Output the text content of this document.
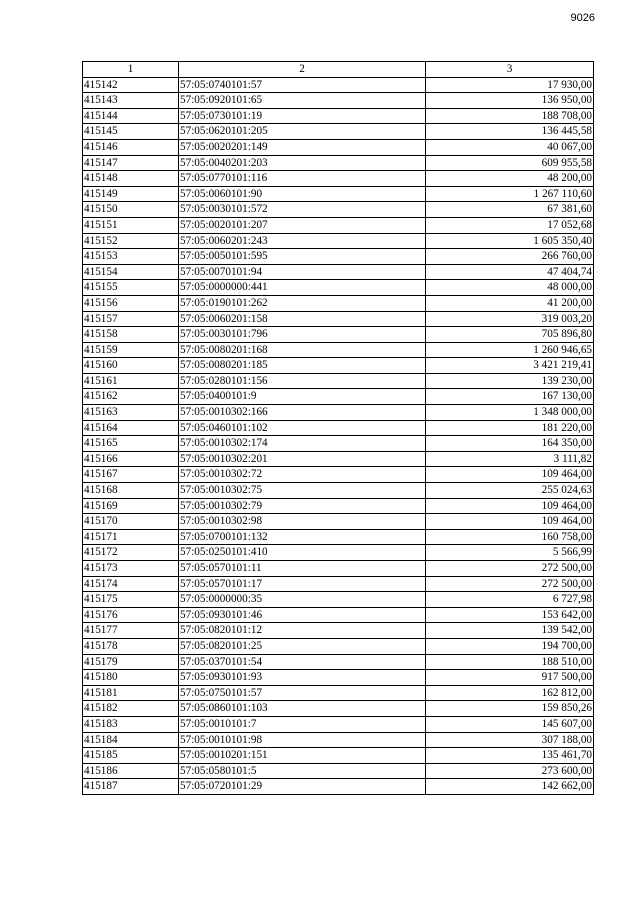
9026
1	2	3
415142	57:05:0740101:57	17 930,00
415143	57:05:0920101:65	136 950,00
415144	57:05:0730101:19	188 708,00
415145	57:05:0620101:205	136 445,58
415146	57:05:0020201:149	40 067,00
415147	57:05:0040201:203	609 955,58
415148	57:05:0770101:116	48 200,00
415149	57:05:0060101:90	1 267 110,60
415150	57:05:0030101:572	67 381,60
415151	57:05:0020101:207	17 052,68
415152	57:05:0060201:243	1 605 350,40
415153	57:05:0050101:595	266 760,00
415154	57:05:0070101:94	47 404,74
415155	57:05:0000000:441	48 000,00
415156	57:05:0190101:262	41 200,00
415157	57:05:0060201:158	319 003,20
415158	57:05:0030101:796	705 896,80
415159	57:05:0080201:168	1 260 946,65
415160	57:05:0080201:185	3 421 219,41
415161	57:05:0280101:156	139 230,00
415162	57:05:0400101:9	167 130,00
415163	57:05:0010302:166	1 348 000,00
415164	57:05:0460101:102	181 220,00
415165	57:05:0010302:174	164 350,00
415166	57:05:0010302:201	3 111,82
415167	57:05:0010302:72	109 464,00
415168	57:05:0010302:75	255 024,63
415169	57:05:0010302:79	109 464,00
415170	57:05:0010302:98	109 464,00
415171	57:05:0700101:132	160 758,00
415172	57:05:0250101:410	5 566,99
415173	57:05:0570101:11	272 500,00
415174	57:05:0570101:17	272 500,00
415175	57:05:0000000:35	6 727,98
415176	57:05:0930101:46	153 642,00
415177	57:05:0820101:12	139 542,00
415178	57:05:0820101:25	194 700,00
415179	57:05:0370101:54	188 510,00
415180	57:05:0930101:93	917 500,00
415181	57:05:0750101:57	162 812,00
415182	57:05:0860101:103	159 850,26
415183	57:05:0010101:7	145 607,00
415184	57:05:0010101:98	307 188,00
415185	57:05:0010201:151	135 461,70
415186	57:05:0580101:5	273 600,00
415187	57:05:0720101:29	142 662,00
